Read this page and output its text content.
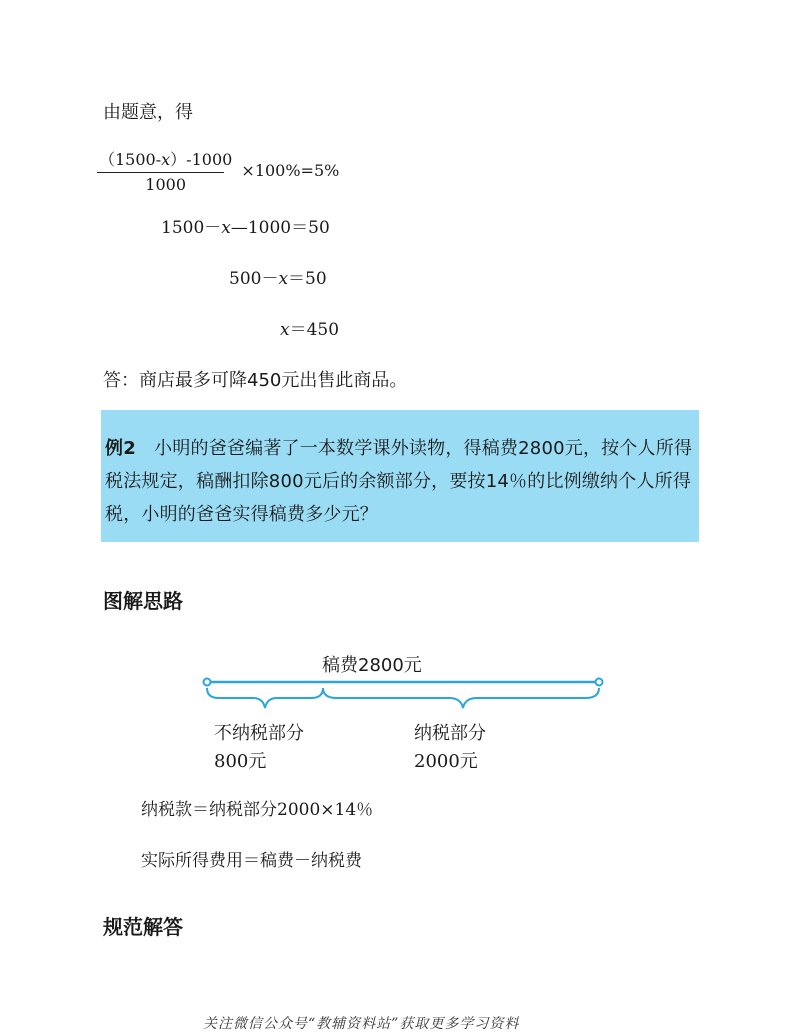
由题意，得
$\frac{(1500-x)-1000}{1000} \times 100\%=5\%$
1500－x—1000＝50
500－x＝50
x＝450
答：商店最多可降450元出售此商品。
例2　小明的爸爸编著了一本数学课外读物，得稿费2800元，按个人所得税法规定，稿酬扣除800元后的余额部分，要按14％的比例缴纳个人所得税，小明的爸爸实得稿费多少元？
图解思路
稿费2800元
不纳税部分
800元
纳税部分
2000元
纳税款＝纳税部分2000×14％
实际所得费用＝稿费－纳税费
规范解答
关注微信公众号“教辅资料站”获取更多学习资料
